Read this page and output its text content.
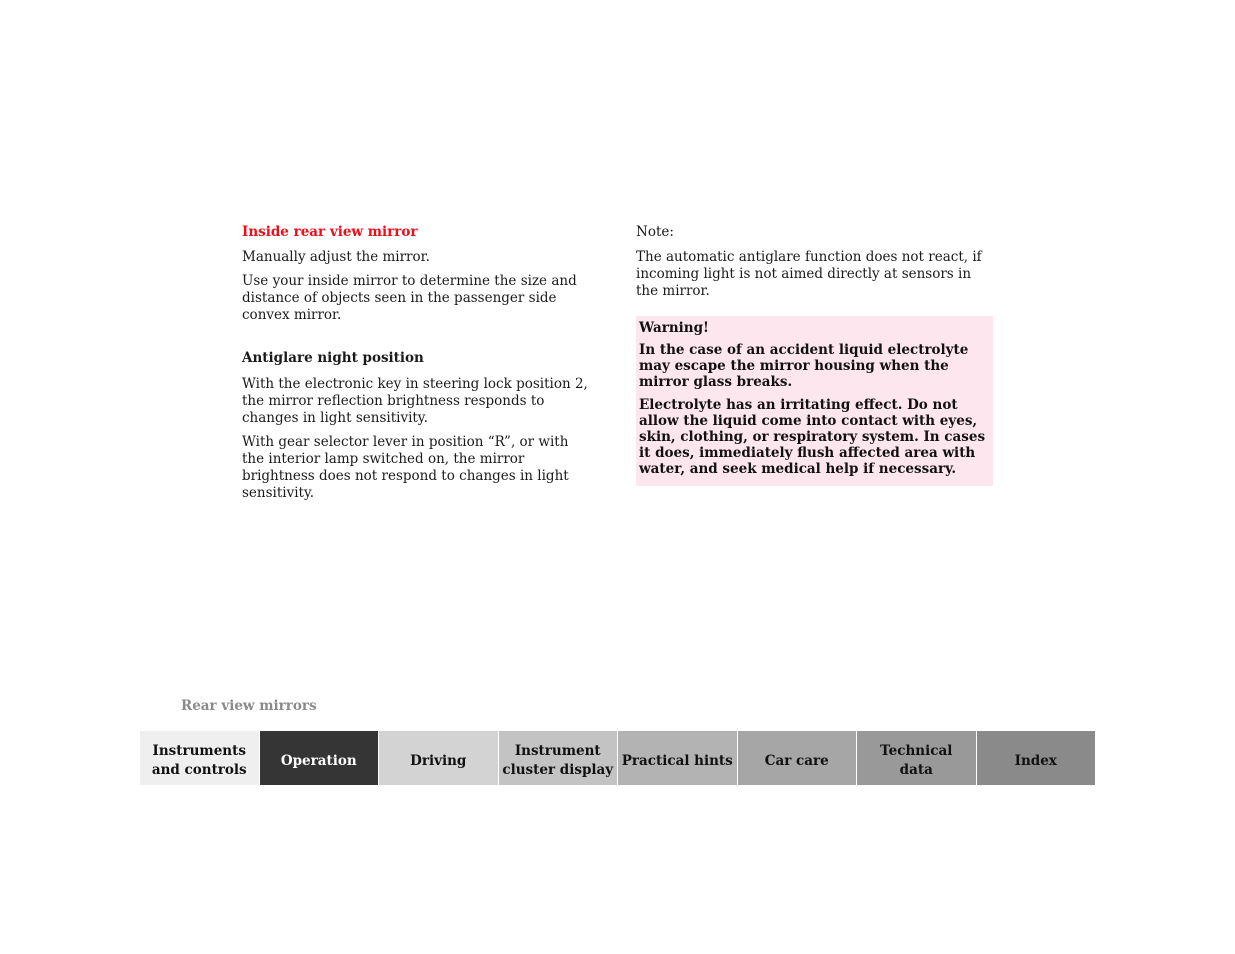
Inside rear view mirror
Manually adjust the mirror.
Use your inside mirror to determine the size and distance of objects seen in the passenger side convex mirror.
Antiglare night position
With the electronic key in steering lock position 2, the mirror reflection brightness responds to changes in light sensitivity.
With gear selector lever in position “R”, or with the interior lamp switched on, the mirror brightness does not respond to changes in light sensitivity.
Note:
The automatic antiglare function does not react, if incoming light is not aimed directly at sensors in the mirror.
Warning!
In the case of an accident liquid electrolyte may escape the mirror housing when the mirror glass breaks.
Electrolyte has an irritating effect. Do not allow the liquid come into contact with eyes, skin, clothing, or respiratory system. In cases it does, immediately flush affected area with water, and seek medical help if necessary.
Rear view mirrors
Instruments
and controls
Operation	Driving
Instrument
cluster display
Practical hints	Car care
Technical
data
Index
